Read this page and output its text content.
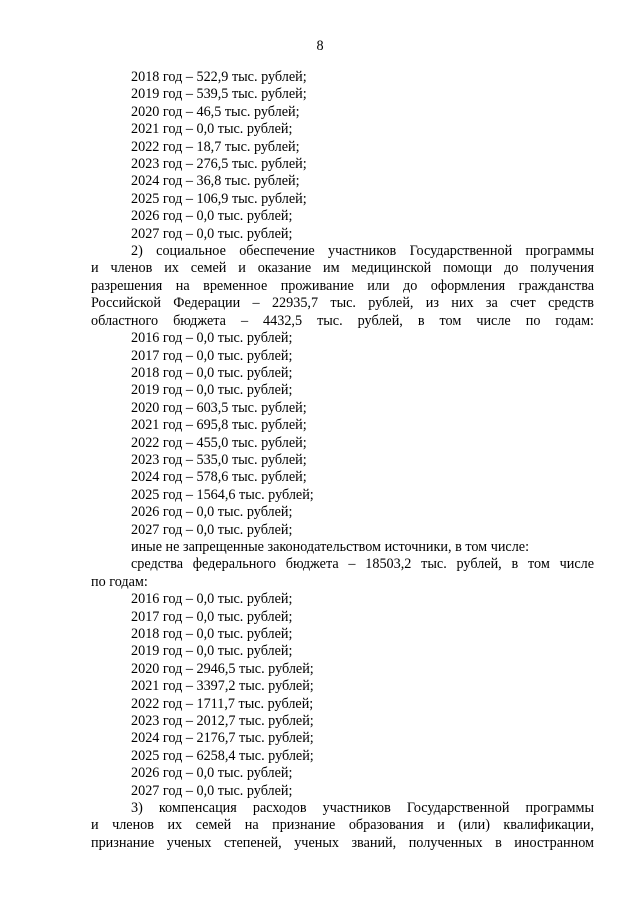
8
2018 год – 522,9 тыс. рублей;
2019 год – 539,5 тыс. рублей;
2020 год – 46,5 тыс. рублей;
2021 год – 0,0 тыс. рублей;
2022 год – 18,7 тыс. рублей;
2023 год – 276,5 тыс. рублей;
2024 год – 36,8 тыс. рублей;
2025 год – 106,9 тыс. рублей;
2026 год – 0,0 тыс. рублей;
2027 год – 0,0 тыс. рублей;
2) социальное обеспечение участников Государственной программы
и членов их семей и оказание им медицинской помощи до получения
разрешения на временное проживание или до оформления гражданства
Российской Федерации – 22935,7 тыс. рублей, из них за счет средств
областного бюджета – 4432,5 тыс. рублей, в том числе по годам:
2016 год – 0,0 тыс. рублей;
2017 год – 0,0 тыс. рублей;
2018 год – 0,0 тыс. рублей;
2019 год – 0,0 тыс. рублей;
2020 год – 603,5 тыс. рублей;
2021 год – 695,8 тыс. рублей;
2022 год – 455,0 тыс. рублей;
2023 год – 535,0 тыс. рублей;
2024 год – 578,6 тыс. рублей;
2025 год – 1564,6 тыс. рублей;
2026 год – 0,0 тыс. рублей;
2027 год – 0,0 тыс. рублей;
иные не запрещенные законодательством источники, в том числе:
средства федерального бюджета – 18503,2 тыс. рублей, в том числе
по годам:
2016 год – 0,0 тыс. рублей;
2017 год – 0,0 тыс. рублей;
2018 год – 0,0 тыс. рублей;
2019 год – 0,0 тыс. рублей;
2020 год – 2946,5 тыс. рублей;
2021 год – 3397,2 тыс. рублей;
2022 год – 1711,7 тыс. рублей;
2023 год – 2012,7 тыс. рублей;
2024 год – 2176,7 тыс. рублей;
2025 год – 6258,4 тыс. рублей;
2026 год – 0,0 тыс. рублей;
2027 год – 0,0 тыс. рублей;
3) компенсация расходов участников Государственной программы
и членов их семей на признание образования и (или) квалификации,
признание ученых степеней, ученых званий, полученных в иностранном
